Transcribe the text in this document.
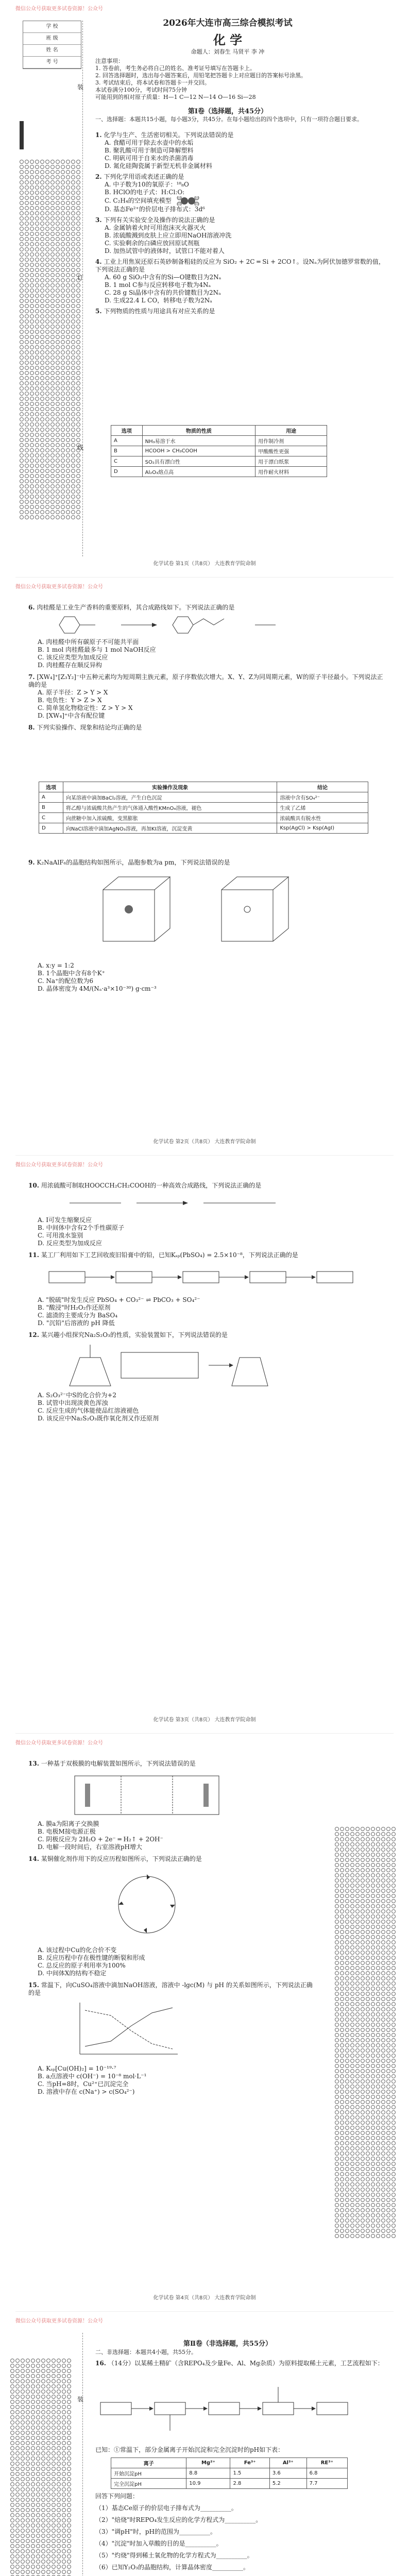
微信公众号获取更多试卷资源！公众号
学 校
班 级
姓 名
考 号
装
订
线
2026年大连市高三综合模拟考试
化 学
命题人：刘春生 马贤平 李 冲
注意事项：
1. 答卷前，考生务必将自己的姓名、准考证号填写在答题卡上。
2. 回答选择题时，选出每小题答案后，用铅笔把答题卡上对应题目的答案标号涂黑。
3. 考试结束后，将本试卷和答题卡一并交回。
本试卷满分100分，考试时间75分钟
可能用到的相对原子质量：H—1 C—12 N—14 O—16 Si—28
第Ⅰ卷（选择题，共45分）
一、选择题：本题共15小题，每小题3分，共45分。在每小题给出的四个选项中，只有一项符合题目要求。
1. 化学与生产、生活密切相关。下列说法错误的是
A. 食醋可用于除去水壶中的水垢
B. 聚乳酸可用于制造可降解塑料
C. 明矾可用于自来水的杀菌消毒
D. 氮化硅陶瓷属于新型无机非金属材料
2. 下列化学用语或表述正确的是
A. 中子数为10的氧原子：¹⁸₈O
B. HClO的电子式：H:Cl:O:
C. C₂H₄的空间填充模型
D. 基态Fe²⁺的价层电子排布式：3d⁶
3. 下列有关实验安全及操作的说法正确的是
A. 金属钠着火时可用泡沫灭火器灭火
B. 浓硫酸溅到皮肤上应立即用NaOH溶液冲洗
C. 实验剩余的白磷应放回原试剂瓶
D. 加热试管中的液体时，试管口不能对着人
4. 工业上用焦炭还原石英砂制备粗硅的反应为 SiO₂ + 2C ═ Si + 2CO↑。设Nₐ为阿伏加德罗常数的值，下列说法正确的是
A. 60 g SiO₂中含有的Si—O键数目为2Nₐ
B. 1 mol C参与反应转移电子数为4Nₐ
C. 28 g Si晶体中含有的共价键数目为2Nₐ
D. 生成22.4 L CO，转移电子数为2Nₐ
5. 下列物质的性质与用途具有对应关系的是
选项	物质的性质	用途
A	NH₃易溶于水	用作制冷剂
B	HCOOH > CH₃COOH	甲酸酸性更强
C	SO₂具有漂白性	用于漂白纸浆
D	Al₂O₃熔点高	用作耐火材料
化学试卷 第1页（共8页） 大连教育学院命制
微信公众号获取更多试卷资源！公众号
6. 肉桂醛是工业生产香料的重要原料，其合成路线如下。下列说法正确的是
A. 肉桂醛中所有碳原子不可能共平面
B. 1 mol 肉桂醛最多与 1 mol NaOH反应
C. 该反应类型为加成反应
D. 肉桂醛存在顺反异构
7. [XW₄]⁺[Z₃Y₂]⁻中五种元素均为短周期主族元素，原子序数依次增大。X、Y、Z为同周期元素，W的原子半径最小。下列说法正确的是
A. 原子半径：Z > Y > X
B. 电负性：Y > Z > X
C. 简单氢化物稳定性：Z > Y > X
D. [XW₄]⁺中含有配位键
8. 下列实验操作、现象和结论均正确的是
选项	实验操作及现象	结论
A	向某溶液中滴加BaCl₂溶液，产生白色沉淀	溶液中含有SO₄²⁻
B	将乙醇与浓硫酸共热产生的气体通入酸性KMnO₄溶液，褪色	生成了乙烯
C	向蔗糖中加入浓硫酸，变黑膨胀	浓硫酸具有脱水性
D	向NaCl溶液中滴加AgNO₃溶液，再加KI溶液，沉淀变黄	Ksp(AgCl) > Ksp(AgI)
9. K₂NaAlF₆的晶胞结构如图所示，晶胞参数为a pm，下列说法错误的是
A. x:y = 1:2
B. 1个晶胞中含有8个K⁺
C. Na⁺的配位数为6
D. 晶体密度为 4M/(Nₐ·a³×10⁻³⁰) g·cm⁻³
化学试卷 第2页（共8页） 大连教育学院命制
微信公众号获取更多试卷资源！公众号
10. 用浓硫酸可制取HOOCCH₂CH₂COOH的一种高效合成路线，下列说法正确的是
A. Ⅰ可发生缩聚反应
B. 中间体中含有2个手性碳原子
C. 可用溴水鉴别
D. 反应类型为加成反应
11. 某工厂利用如下工艺回收废旧铅膏中的铅，已知Kₛₚ(PbSO₄) = 2.5×10⁻⁸，下列说法正确的是
A. "脱硫"时发生反应 PbSO₄ + CO₃²⁻ ⇌ PbCO₃ + SO₄²⁻
B. "酸浸"时H₂O₂作还原剂
C. 滤渣的主要成分为 BaSO₄
D. "沉铅"后溶液的 pH 降低
12. 某兴趣小组探究Na₂S₂O₃的性质，实验装置如下，下列说法错误的是
A. S₂O₃²⁻中S的化合价为+2
B. 试管中出现淡黄色浑浊
C. 反应生成的气体能使品红溶液褪色
D. 该反应中Na₂S₂O₃既作氧化剂又作还原剂
化学试卷 第3页（共8页） 大连教育学院命制
微信公众号获取更多试卷资源！公众号
13. 一种基于双极膜的电解装置如图所示，下列说法错误的是
A. 膜a为阳离子交换膜
B. 电极M接电源正极
C. 阴极反应为 2H₂O + 2e⁻ ═ H₂↑ + 2OH⁻
D. 电解一段时间后，右室溶液pH增大
14. 某铜催化剂作用下的反应历程如图所示，下列说法正确的是
A. 该过程中Cu的化合价不变
B. 反应历程中存在极性键的断裂和形成
C. 总反应的原子利用率为100%
D. 中间体X的结构不稳定
15. 常温下，向CuSO₄溶液中滴加NaOH溶液，溶液中 -lgc(M) 与 pH 的关系如图所示，下列说法正确的是
A. Kₛₚ[Cu(OH)₂] = 10⁻¹⁹·⁷
B. a点溶液中 c(OH⁻) = 10⁻⁸ mol·L⁻¹
C. 当pH=8时，Cu²⁺已沉淀完全
D. 溶液中存在 c(Na⁺) > c(SO₄²⁻)
化学试卷 第4页（共8页） 大连教育学院命制
微信公众号获取更多试卷资源！公众号
装
第Ⅱ卷（非选择题，共55分）
二、非选择题：本题共4小题，共55分。
16. （14分）以某稀土精矿（含REPO₄及少量Fe、Al、Mg杂质）为原料提取稀土元素，工艺流程如下：
已知：①常温下，部分金属离子开始沉淀和完全沉淀时的pH如下表：
离子	Mg²⁺	Fe³⁺	Al³⁺	RE³⁺
开始沉淀pH	8.8	1.5	3.6	6.8
完全沉淀pH	10.9	2.8	5.2	7.7
回答下列问题：
（1）基态Ce原子的价层电子排布式为__________。
（2）"焙烧"时REPO₄发生反应的化学方程式为__________。
（3）"调pH"时，pH的范围为__________。
（4）"沉淀"时加入草酸的目的是__________。
（5）"灼烧"得到稀土氧化物的化学方程式为__________。
（6）已知Y₂O₃的晶胞结构，计算晶体密度__________。
